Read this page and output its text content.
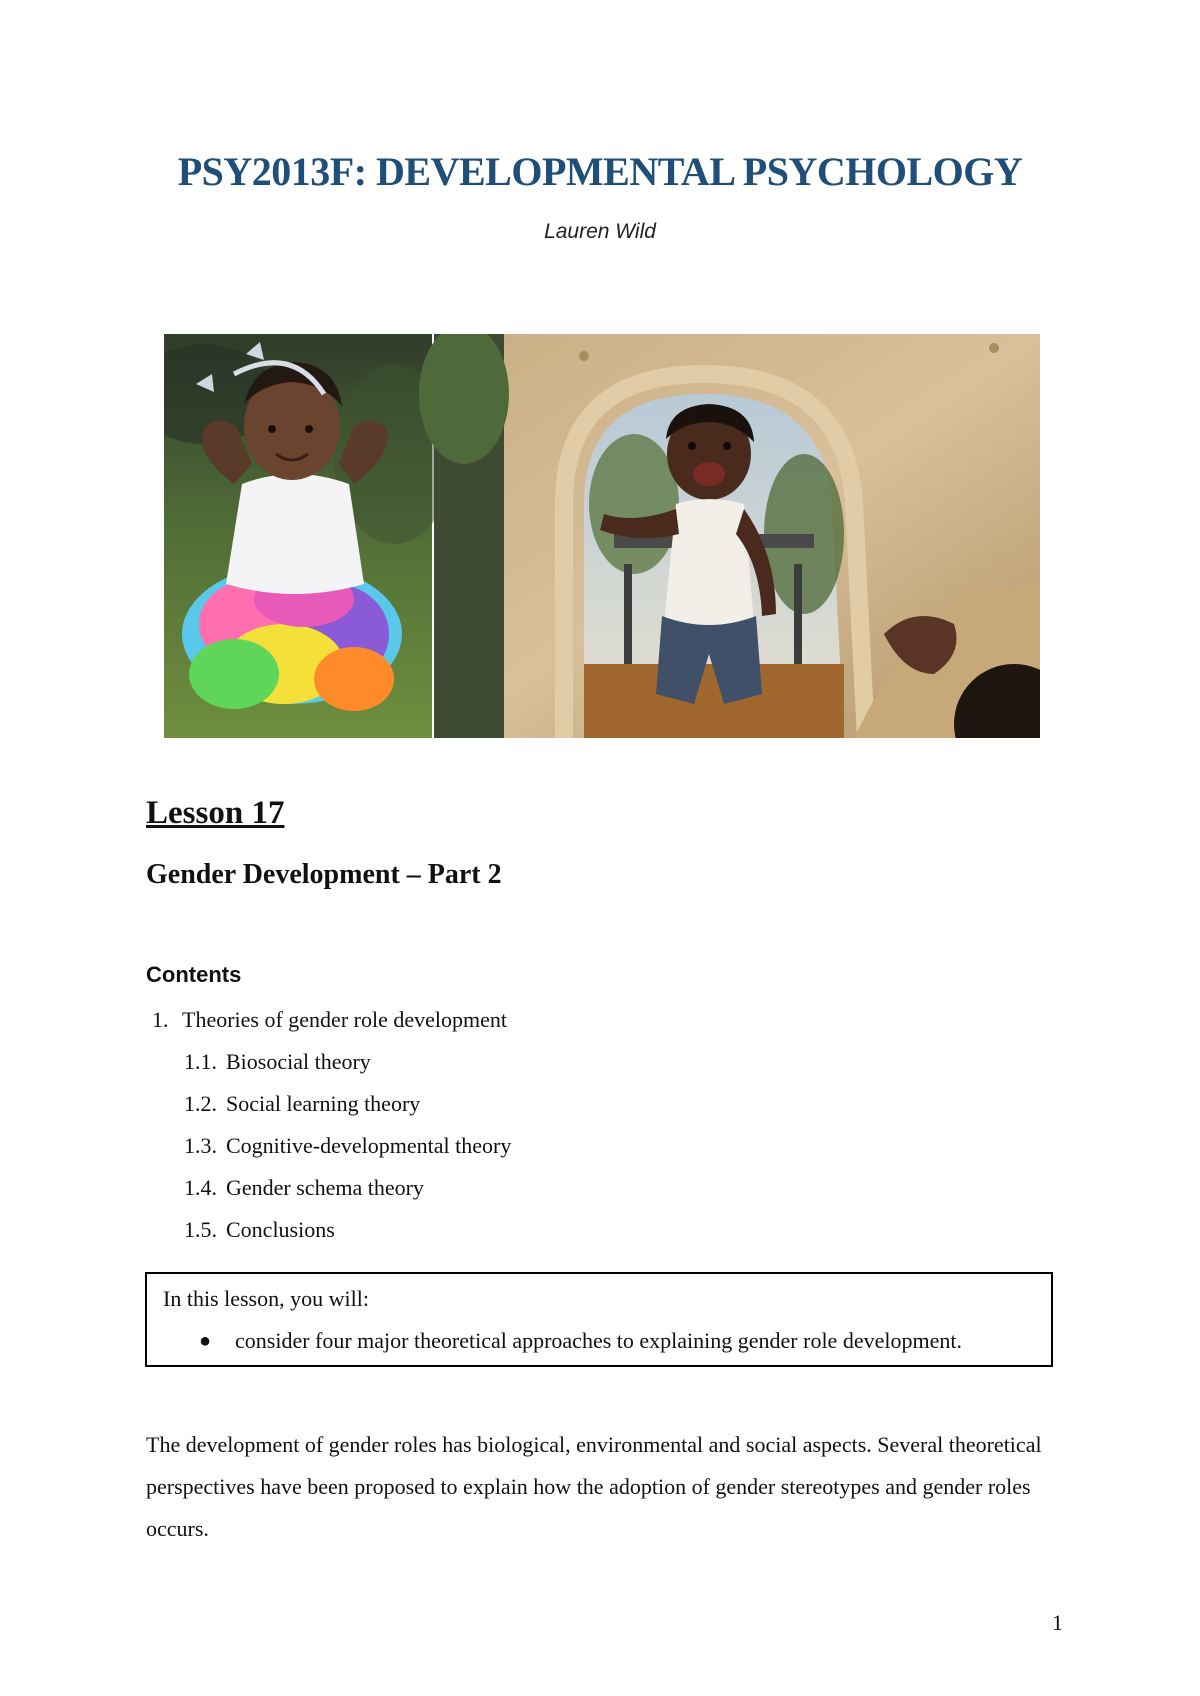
PSY2013F: DEVELOPMENTAL PSYCHOLOGY
Lauren Wild
Lesson 17
Gender Development – Part 2
Contents
1. Theories of gender role development
1.1. Biosocial theory
1.2. Social learning theory
1.3. Cognitive-developmental theory
1.4. Gender schema theory
1.5. Conclusions
In this lesson, you will:
● consider four major theoretical approaches to explaining gender role development.
The development of gender roles has biological, environmental and social aspects. Several theoretical perspectives have been proposed to explain how the adoption of gender stereotypes and gender roles occurs.
1
